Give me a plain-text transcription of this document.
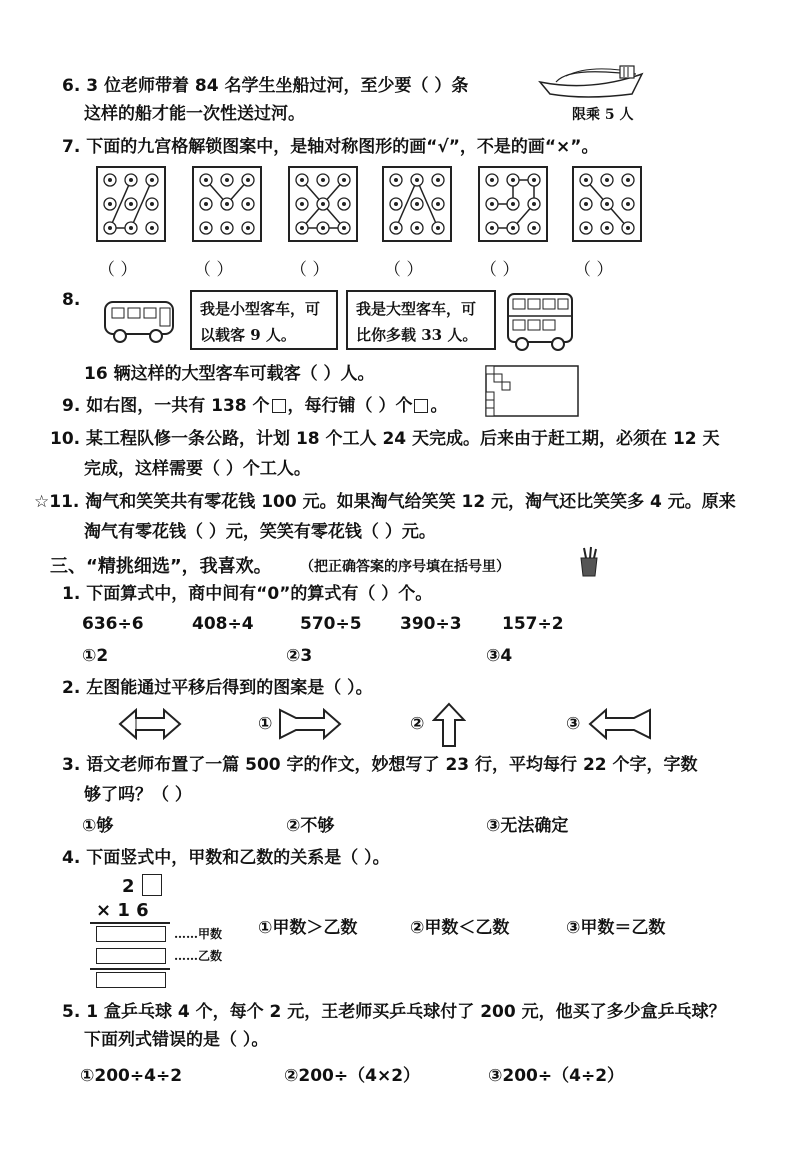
6. 3 位老师带着 84 名学生坐船过河，至少要（ ）条
这样的船才能一次性送过河。	限乘 5 人
7. 下面的九宫格解锁图案中，是轴对称图形的画“√”，不是的画“×”。
（ ）	（ ）	（ ）	（ ）	（ ）	（ ）
8.	我是小型客车，可
以载客 9 人。
我是大型客车，可
比你多载 33 人。
16 辆这样的大型客车可载客（ ）人。
9. 如右图，一共有 138 个 ，每行铺（ ）个 。
10. 某工程队修一条公路，计划 18 个工人 24 天完成。后来由于赶工期，必须在 12 天
完成，这样需要（ ）个工人。
☆11. 淘气和笑笑共有零花钱 100 元。如果淘气给笑笑 12 元，淘气还比笑笑多 4 元。原来
淘气有零花钱（ ）元，笑笑有零花钱（ ）元。
三、“精挑细选”，我喜欢。 （把正确答案的序号填在括号里）
1. 下面算式中，商中间有“0”的算式有（ ）个。
636÷6	408÷4	570÷5 390÷3 157÷2
①2	②3	③4
2. 左图能通过平移后得到的图案是（ ）。
①	②	③
3. 语文老师布置了一篇 500 字的作文，妙想写了 23 行，平均每行 22 个字，字数
够了吗？（ ）
①够	②不够	③无法确定
4. 下面竖式中，甲数和乙数的关系是（ ）。
2
× 1 6
……甲数
……乙数
①甲数＞乙数	②甲数＜乙数	③甲数＝乙数
5. 1 盒乒乓球 4 个，每个 2 元，王老师买乒乓球付了 200 元，他买了多少盒乒乓球？
下面列式错误的是（ ）。
①200÷4÷2	②200÷（4×2）	③200÷（4÷2）
